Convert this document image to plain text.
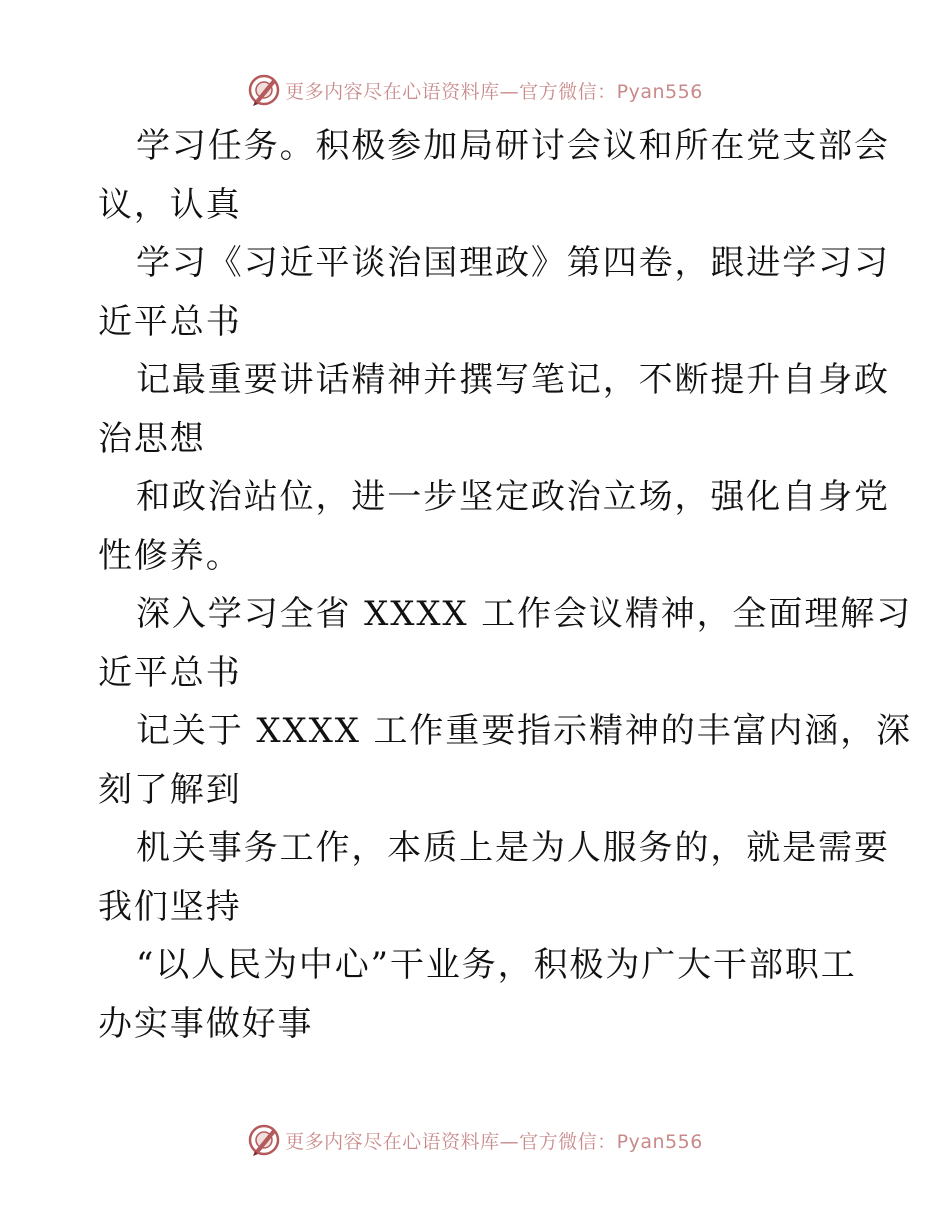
更多内容尽在心语资料库—官方微信：Pyan556
学习任务。积极参加局研讨会议和所在党支部会
议，认真
学习《习近平谈治国理政》第四卷，跟进学习习
近平总书
记最重要讲话精神并撰写笔记，不断提升自身政
治思想
和政治站位，进一步坚定政治立场，强化自身党
性修养。
深入学习全省 XXXX 工作会议精神，全面理解习
近平总书
记关于 XXXX 工作重要指示精神的丰富内涵，深
刻了解到
机关事务工作，本质上是为人服务的，就是需要
我们坚持
“以人民为中心”干业务，积极为广大干部职工
办实事做好事
更多内容尽在心语资料库—官方微信：Pyan556
